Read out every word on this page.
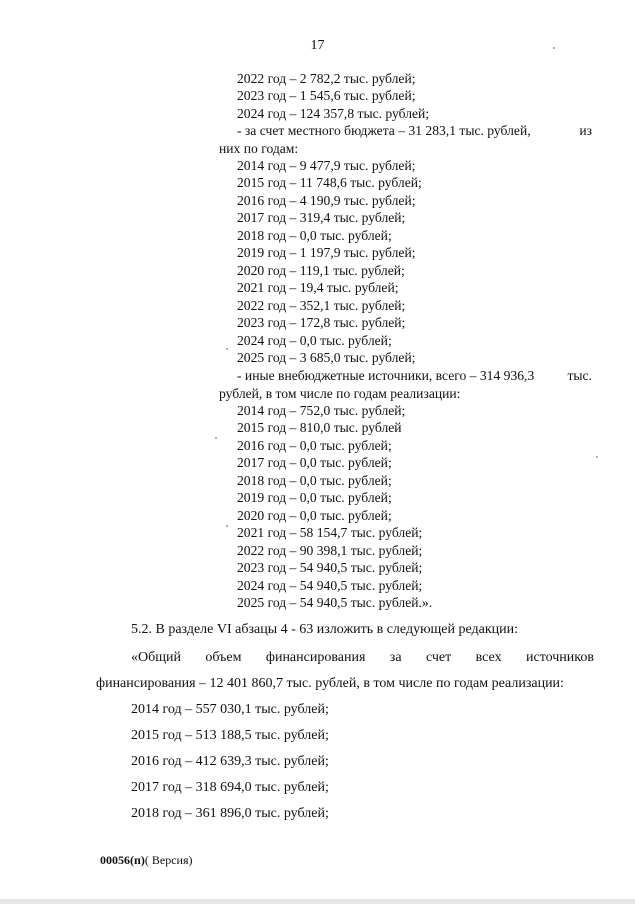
17
2022 год – 2 782,2 тыс. рублей;
2023 год – 1 545,6 тыс. рублей;
2024 год – 124 357,8 тыс. рублей;
- за счет местного бюджета – 31 283,1 тыс. рублей,	из
них по годам:
2014 год – 9 477,9 тыс. рублей;
2015 год – 11 748,6 тыс. рублей;
2016 год – 4 190,9 тыс. рублей;
2017 год – 319,4 тыс. рублей;
2018 год – 0,0 тыс. рублей;
2019 год – 1 197,9 тыс. рублей;
2020 год – 119,1 тыс. рублей;
2021 год – 19,4 тыс. рублей;
2022 год – 352,1 тыс. рублей;
2023 год – 172,8 тыс. рублей;
2024 год – 0,0 тыс. рублей;
2025 год – 3 685,0 тыс. рублей;
- иные внебюджетные источники, всего – 314 936,3 тыс.
рублей, в том числе по годам реализации:
2014 год – 752,0 тыс. рублей;
2015 год – 810,0 тыс. рублей
2016 год – 0,0 тыс. рублей;
2017 год – 0,0 тыс. рублей;
2018 год – 0,0 тыс. рублей;
2019 год – 0,0 тыс. рублей;
2020 год – 0,0 тыс. рублей;
2021 год – 58 154,7 тыс. рублей;
2022 год – 90 398,1 тыс. рублей;
2023 год – 54 940,5 тыс. рублей;
2024 год – 54 940,5 тыс. рублей;
2025 год – 54 940,5 тыс. рублей.».
5.2. В разделе VI абзацы 4 - 63 изложить в следующей редакции:
«Общий объем финансирования за счет всех источников
финансирования – 12 401 860,7 тыс. рублей, в том числе по годам реализации:
2014 год – 557 030,1 тыс. рублей;
2015 год – 513 188,5 тыс. рублей;
2016 год – 412 639,3 тыс. рублей;
2017 год – 318 694,0 тыс. рублей;
2018 год – 361 896,0 тыс. рублей;
00056(п)( Версия)
